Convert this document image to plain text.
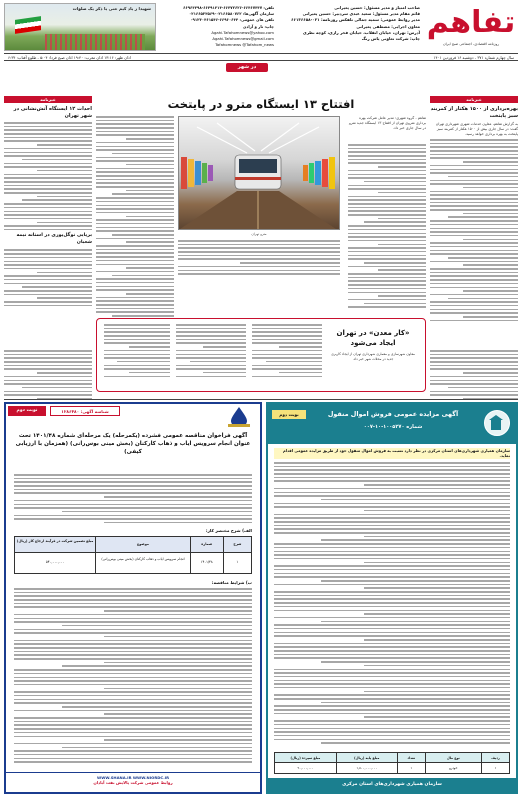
تفاهم
روزنامه اقتصادی، اجتماعی صبح ایران
صاحب امتیاز و مدیر مسئول: حسین پعیرانی
قائم مقام مدیر مسئول: سعید عبدی سردبیر: حسین پعیرانی
مدیر روابط عمومی: سمیه جمالی تلفکس روزنامه: ۰۲۱-۶۶۱۳۶۶۵۸
معاون اجرایی: مصطفی پعیرانی
آدرس: تهران، خیابان انقلاب، خیابان فخر رازی، کوچه نظری
چاپ: شرکت تعاونی یاس رنگ
تلفن: ۶۶۴۶۷۴۳۷-۶۶۴۷۲۶۲۶-۶۶۴۹۱۳۱۴-۶۶۹۶۳۳۹۸
سازمان آگهی‌ها: ۰۲۱۶۶۵۸۰۷۶۲-۰۲۱۶۶۵۲۳۵۶۹
تلفن های عمومی: ۶۶۹۶۰۶۴۴-۰۹۱۲۳۰۴۶۱۵۴۶
چاپ: تار و آزادی
Agahi.Tafahomnews@yahoo.com
Agahi.Tafahomnews@gmail.com
Tafahomnews @Tafahom_news
شهیدا ز یاد کیم حتی یا ذکر یک صلوات
اذان ظهر: ۱۳:۱۶ اذان مغرب: ۱۹:۴۰ اذان صبح فردا: ۵:۰۴ - طلوع آفتاب: ۶:۳۴	سال چهارم شماره ۳۷۱ - دوشنبه ۱۶ فروردین ۱۴۰۱
در شهر
خبرنامه
بهره‌برداری از ۱۵۰۰ هکتار از کمربند سبز پایتخت
به گزارش تفاهم، معاون خدمات شهری شهرداری تهران گفت: در سال جاری بیش از ۱۵۰۰ هکتار از کمربند سبز پایتخت به بهره برداری خواهد رسید.
خبرنامه
احداث ۱۲ ایستگاه آتش‌نشانی در شهر تهران
برپایی نوگل‌پوری در استانه نیمه شعبان
افتتاح ۱۳ ایستگاه مترو در پایتخت
تفاهم - گروه شهری: مدیر عامل شرکت بهره برداری متروی تهران از افتتاح ۱۳ ایستگاه جدید مترو در سال جاری خبر داد.
مترو تهران
«کار معدن» در تهران ایجاد می‌شود
معاون شهرسازی و معماری شهرداری تهران از ایجاد کاربری جدید در محلات شهر خبر داد.
نوبت دوم	شناسه آگهی: ۱۲۸۶۴۸۰
آگهی فراخوان مناقصه عمومی فشرده (یکمرحله) یک مرحله‌ای شماره ۱۴۰۱/۴۸ تحت عنوان انجام سرویس ایاب و ذهاب کارکنان (بخش مینی بوس‌رانی) (همزمان با ارزیابی کیفی)
الف) شرح مختصر کار:
شرح
شماره
موضوع
مبلغ تضمین شرکت در فرآیند ارجاع کار (ریال)
۱
۱۴۰۱/۴۸
انجام سرویس ایاب و ذهاب کارکنان (بخش مینی بوس‌رانی)
۵۴۰,۰۰۰,۰۰۰
ب) شرایط مناقصه:
WWW.SHANA.IR WWW.NIORDC.IR
روابط عمومی شرکت پالایش نفت آبادان
آگهی مزایده عمومی فروش اموال منقول
شماره ۱۰۰۵۲۷۰-۱۰-۰۰۷
نوبت دوم
سازمان همیاری شهرداری‌های استان مرکزی در نظر دارد نسبت به فروش اموال منقول خود از طریق مزایده عمومی اقدام نماید.
ردیف
نوع مال
تعداد
مبلغ پایه (ریال)
مبلغ سپرده (ریال)
۱
خودرو
۱
۱,۸۰۰,۰۰۰,۰۰۰
۹۰,۰۰۰,۰۰۰
سازمان همیاری شهرداری‌های استان مرکزی
